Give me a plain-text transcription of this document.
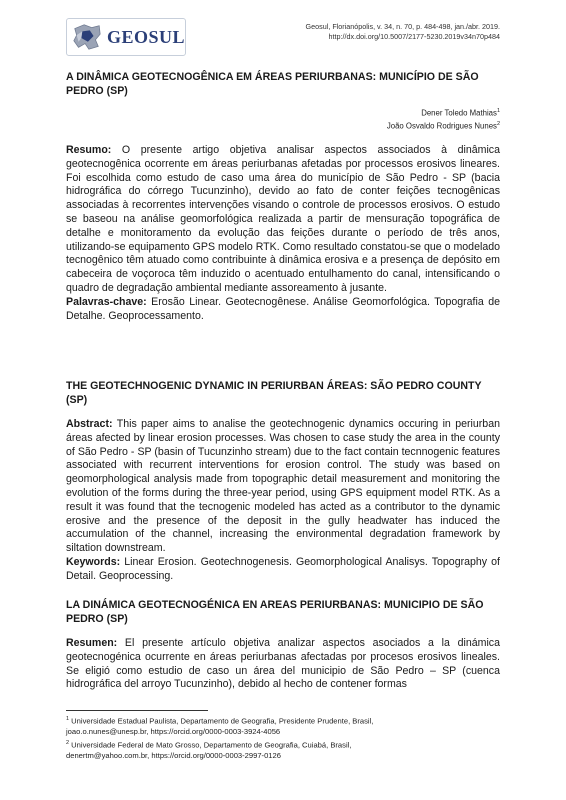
GEOSUL	Geosul, Florianópolis, v. 34, n. 70, p. 484-498, jan./abr. 2019.
http://dx.doi.org/10.5007/2177-5230.2019v34n70p484
A DINÂMICA GEOTECNOGÊNICA EM ÁREAS PERIURBANAS: MUNICÍPIO DE SÃO PEDRO (SP)
Dener Toledo Mathias$^1$
João Osvaldo Rodrigues Nunes$^2$
Resumo: O presente artigo objetiva analisar aspectos associados à dinâmica geotecnogênica ocorrente em áreas periurbanas afetadas por processos erosivos lineares. Foi escolhida como estudo de caso uma área do município de São Pedro - SP (bacia hidrográfica do córrego Tucunzinho), devido ao fato de conter feições tecnogênicas associadas à recorrentes intervenções visando o controle de processos erosivos. O estudo se baseou na análise geomorfológica realizada a partir de mensuração topográfica de detalhe e monitoramento da evolução das feições durante o período de três anos, utilizando-se equipamento GPS modelo RTK. Como resultado constatou-se que o modelado tecnogênico têm atuado como contribuinte à dinâmica erosiva e a presença de depósito em cabeceira de voçoroca têm induzido o acentuado entulhamento do canal, intensificando o quadro de degradação ambiental mediante assoreamento à jusante.
Palavras-chave: Erosão Linear. Geotecnogênese. Análise Geomorfológica. Topografia de Detalhe. Geoprocessamento.
THE GEOTECHNOGENIC DYNAMIC IN PERIURBAN ÁREAS: SÃO PEDRO COUNTY (SP)
Abstract: This paper aims to analise the geotechnogenic dynamics occuring in periurban áreas afected by linear erosion processes. Was chosen to case study the area in the county of São Pedro - SP (basin of Tucunzinho stream) due to the fact contain tecnnogenic features associated with recurrent interventions for erosion control. The study was based on geomorphological analysis made from topographic detail measurement and monitoring the evolution of the forms during the three-year period, using GPS equipment model RTK. As a result it was found that the tecnogenic modeled has acted as a contributor to the dynamic erosive and the presence of the deposit in the gully headwater has induced the accumulation of the channel, increasing the environmental degradation framework by siltation downstream.
Keywords: Linear Erosion. Geotechnogenesis. Geomorphological Analisys. Topography of Detail. Geoprocessing.
LA DINÁMICA GEOTECNOGÉNICA EN AREAS PERIURBANAS: MUNICIPIO DE SÃO PEDRO (SP)
Resumen: El presente artículo objetiva analizar aspectos asociados a la dinámica geotecnogénica ocurrente en áreas periurbanas afectadas por procesos erosivos lineales. Se eligió como estudio de caso un área del municipio de São Pedro – SP (cuenca hidrográfica del arroyo Tucunzinho), debido al hecho de contener formas
$^1$ Universidade Estadual Paulista, Departamento de Geografia, Presidente Prudente, Brasil,
joao.o.nunes@unesp.br, https://orcid.org/0000-0003-3924-4056
$^2$ Universidade Federal de Mato Grosso, Departamento de Geografia, Cuiabá, Brasil,
denertm@yahoo.com.br, https://orcid.org/0000-0003-2997-0126
